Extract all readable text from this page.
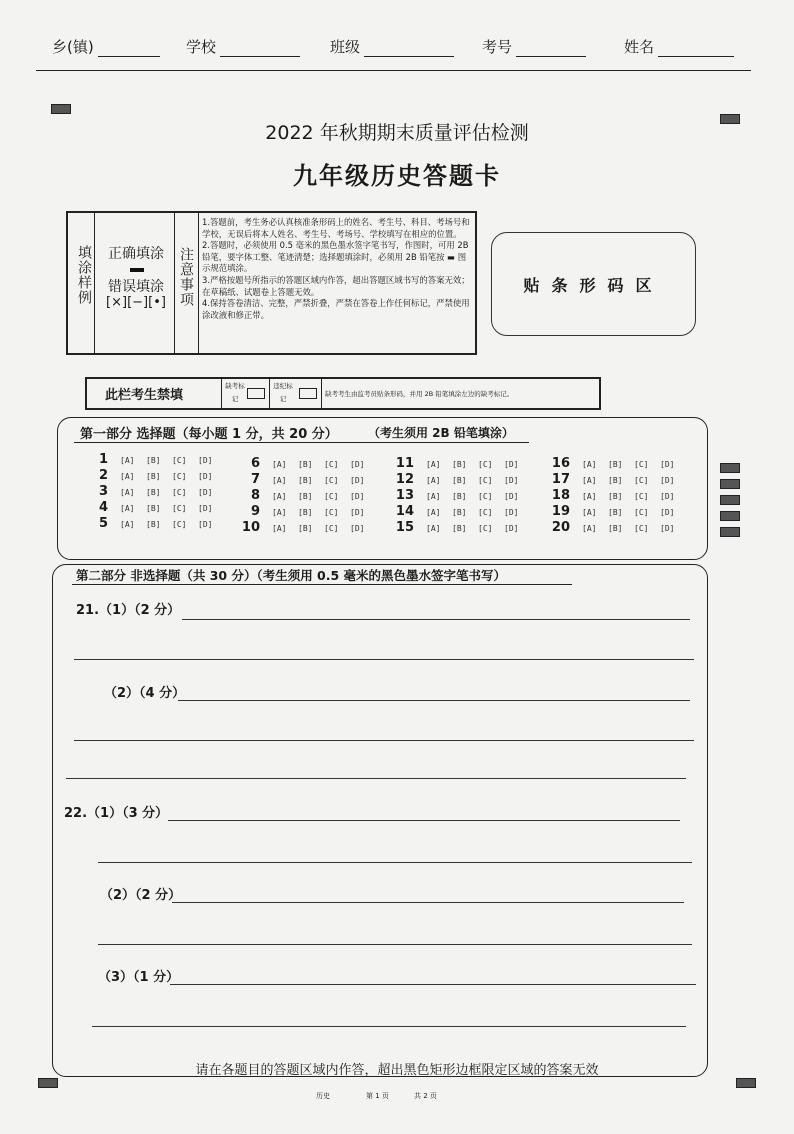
乡(镇)	学校	班级	考号	姓名
2022 年秋期期末质量评估检测
九年级历史答题卡
填涂样例	正确填涂
错误填涂
[×][−][•] 注意事项
1.答题前，考生务必认真核准条形码上的姓名、考生号、科目、考场号和学校，无误后将本人姓名、考生号、考场号、学校填写在相应的位置。
2.答题时，必须使用 0.5 毫米的黑色墨水签字笔书写，作图时，可用 2B 铅笔，要字体工整、笔迹清楚；选择题填涂时，必须用 2B 铅笔按 ▬ 图示规范填涂。
3.严格按题号所指示的答题区域内作答，超出答题区域书写的答案无效；在草稿纸、试题卷上答题无效。
4.保持答卷清洁、完整，严禁折叠，严禁在答卷上作任何标记，严禁使用涂改液和修正带。
贴条形码区
此栏考生禁填
缺考标记
违纪标记
缺考考生由监考员贴条形码，并用 2B 铅笔填涂左边的缺考标记。
第一部分 选择题（每小题 1 分，共 20 分）	（考生须用 2B 铅笔填涂）
1 [A] [B] [C] [D]
2 [A] [B] [C] [D]
3 [A] [B] [C] [D]
4 [A] [B] [C] [D]
5 [A] [B] [C] [D]
6 [A] [B] [C] [D]
7 [A] [B] [C] [D]
8 [A] [B] [C] [D]
9 [A] [B] [C] [D]
10 [A] [B] [C] [D]
11 [A] [B] [C] [D]
12 [A] [B] [C] [D]
13 [A] [B] [C] [D]
14 [A] [B] [C] [D]
15 [A] [B] [C] [D]
16 [A] [B] [C] [D]
17 [A] [B] [C] [D]
18 [A] [B] [C] [D]
19 [A] [B] [C] [D]
20 [A] [B] [C] [D]
第二部分 非选择题（共 30 分）（考生须用 0.5 毫米的黑色墨水签字笔书写）
21.（1）（2 分）
（2）（4 分）
22.（1）（3 分）
（2）（2 分）
（3）（1 分）
请在各题目的答题区域内作答，超出黑色矩形边框限定区域的答案无效
历史	第 1 页	共 2 页
